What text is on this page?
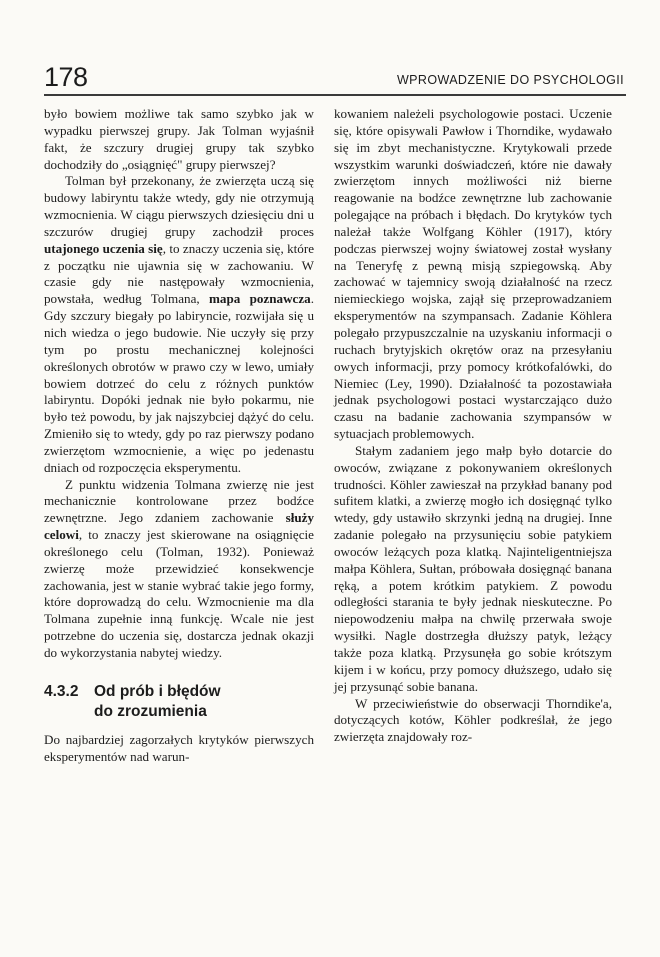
178	WPROWADZENIE DO PSYCHOLOGII

było bowiem możliwe tak samo szybko jak w wypadku pierwszej grupy. Jak Tolman wyjaśnił fakt, że szczury drugiej grupy tak szybko dochodziły do „osiągnięć" grupy pierwszej?

Tolman był przekonany, że zwierzęta uczą się budowy labiryntu także wtedy, gdy nie otrzymują wzmocnienia. W ciągu pierwszych dziesięciu dni u szczurów drugiej grupy zachodził proces utajonego uczenia się, to znaczy uczenia się, które z początku nie ujawnia się w zachowaniu. W czasie gdy nie następowały wzmocnienia, powstała, według Tolmana, mapa poznawcza. Gdy szczury biegały po labiryncie, rozwijała się u nich wiedza o jego budowie. Nie uczyły się przy tym po prostu mechanicznej kolejności określonych obrotów w prawo czy w lewo, umiały bowiem dotrzeć do celu z różnych punktów labiryntu. Dopóki jednak nie było pokarmu, nie było też powodu, by jak najszybciej dążyć do celu. Zmieniło się to wtedy, gdy po raz pierwszy podano zwierzętom wzmocnienie, a więc po jedenastu dniach od rozpoczęcia eksperymentu.

Z punktu widzenia Tolmana zwierzę nie jest mechanicznie kontrolowane przez bodźce zewnętrzne. Jego zdaniem zachowanie służy celowi, to znaczy jest skierowane na osiągnięcie określonego celu (Tolman, 1932). Ponieważ zwierzę może przewidzieć konsekwencje zachowania, jest w stanie wybrać takie jego formy, które doprowadzą do celu. Wzmocnienie ma dla Tolmana zupełnie inną funkcję. Wcale nie jest potrzebne do uczenia się, dostarcza jednak okazji do wykorzystania nabytej wiedzy.

4.3.2 Od prób i błędów
do zrozumienia

Do najbardziej zagorzałych krytyków pierwszych eksperymentów nad warun-

kowaniem należeli psychologowie postaci. Uczenie się, które opisywali Pawłow i Thorndike, wydawało się im zbyt mechanistyczne. Krytykowali przede wszystkim warunki doświadczeń, które nie dawały zwierzętom innych możliwości niż bierne reagowanie na bodźce zewnętrzne lub zachowanie polegające na próbach i błędach. Do krytyków tych należał także Wolfgang Köhler (1917), który podczas pierwszej wojny światowej został wysłany na Teneryfę z pewną misją szpiegowską. Aby zachować w tajemnicy swoją działalność na rzecz niemieckiego wojska, zajął się przeprowadzaniem eksperymentów na szympansach. Zadanie Köhlera polegało przypuszczalnie na uzyskaniu informacji o ruchach brytyjskich okrętów oraz na przesyłaniu owych informacji, przy pomocy krótkofalówki, do Niemiec (Ley, 1990). Działalność ta pozostawiała jednak psychologowi postaci wystarczająco dużo czasu na badanie zachowania szympansów w sytuacjach problemowych.

Stałym zadaniem jego małp było dotarcie do owoców, związane z pokonywaniem określonych trudności. Köhler zawieszał na przykład banany pod sufitem klatki, a zwierzę mogło ich dosięgnąć tylko wtedy, gdy ustawiło skrzynki jedną na drugiej. Inne zadanie polegało na przysunięciu sobie patykiem owoców leżących poza klatką. Najinteligentniejsza małpa Köhlera, Sułtan, próbowała dosięgnąć banana ręką, a potem krótkim patykiem. Z powodu odległości starania te były jednak nieskuteczne. Po niepowodzeniu małpa na chwilę przerwała swoje wysiłki. Nagle dostrzegła dłuższy patyk, leżący także poza klatką. Przysunęła go sobie krótszym kijem i w końcu, przy pomocy dłuższego, udało się jej przysunąć sobie banana.

W przeciwieństwie do obserwacji Thorndike'a, dotyczących kotów, Köhler podkreślał, że jego zwierzęta znajdowały roz-
